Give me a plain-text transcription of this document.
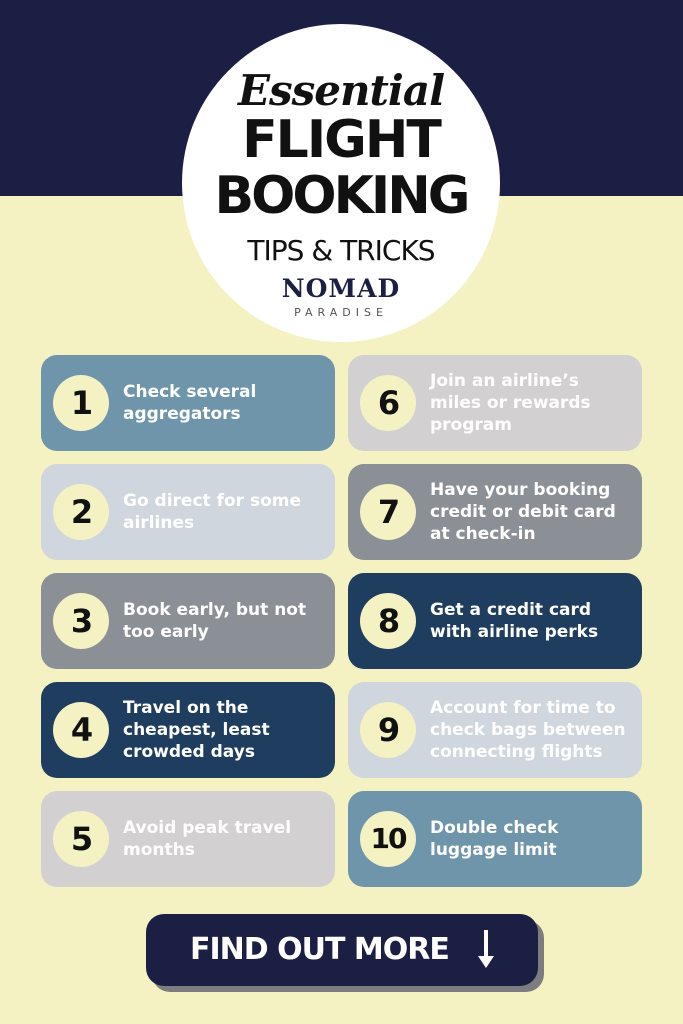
Essential
FLIGHT
BOOKING
TIPS & TRICKS
NOMAD
PARADISE
1	Check several aggregators
2	Go direct for some airlines
3	Book early, but not too early
4
Travel on the cheapest, least crowded days
5	Avoid peak travel months
6
Join an airline’s miles or rewards program
7
Have your booking credit or debit card at check-in
8	Get a credit card with airline perks
9
Account for time to check bags between connecting flights
10	Double check luggage limit
FIND OUT MORE
